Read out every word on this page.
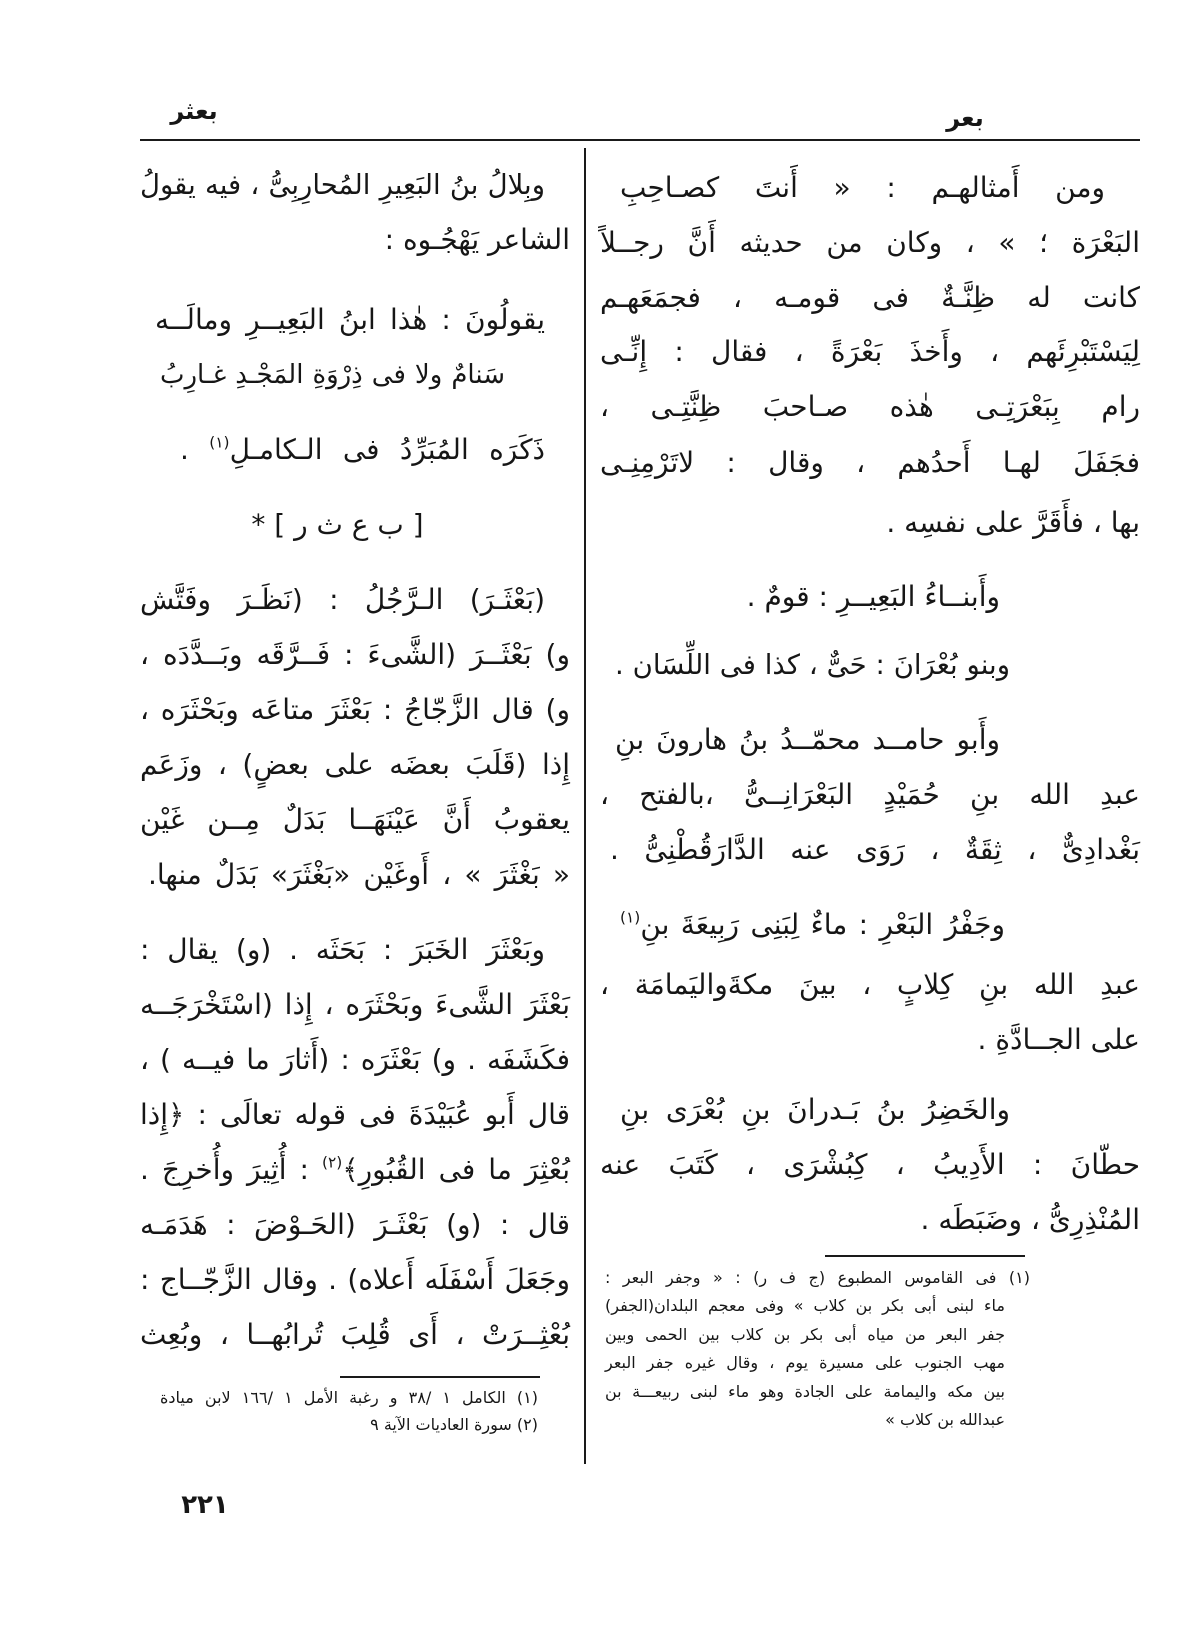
بعثر	بعر
ومن أَمثالهـم : « أَنتَ كصـاحِبِ
البَعْرَة ؛ » ، وكان من حديثه أَنَّ رجــلاً
كانت له ظِنَّـةٌ فى قومـه ، فجمَعَهـم
لِيَسْتَبْرِئَهم ، وأَخذَ بَعْرَةً ، فقال : إِنِّـى
رام بِبَعْرَتِـى هٰذه صـاحبَ ظِنَّتِـى ،
فجَفَلَ لهـا أَحدُهم ، وقال : لاتَرْمِنِـى
بها ، فأَقَرَّ على نفسِه .
وأَبنــاءُ البَعِيــرِ : قومٌ .
وبنو بُعْرَانَ : حَىٌّ ، كذا فى اللِّسَان .
وأَبو حامــد محمّــدُ بنُ هارونَ بنِ
عبدِ الله بنِ حُمَيْدٍ البَعْرَانِــىُّ ،بالفتح ،
بَغْدادِىٌّ ، ثِقَةٌ ، رَوَى عنه الدَّارَقُطْنِىُّ .
وجَفْرُ البَعْرِ : ماءٌ لِبَنِى رَبِيعَةَ بنِ$^{(١)}$
عبدِ الله بنِ كِلابٍ ، بينَ مكةَواليَمامَة ،
على الجــادَّةِ .
والخَضِرُ بنُ بَـدرانَ بنِ بُعْرَى بنِ
حطّانَ : الأَدِيبُ ، كِبُشْرَى ، كَتَبَ عنه
المُنْذِرِىُّ ، وضَبَطَه .
(١) فى القاموس المطبوع (ج ف ر) : « وجفر البعر :
ماء لبنى أبى بكر بن كلاب » وفى معجم البلدان(الجفر)
جفر البعر من مياه أبى بكر بن كلاب بين الحمى وبين
مهب الجنوب على مسيرة يوم ، وقال غيره جفر البعر
بين مكه واليمامة على الجادة وهو ماء لبنى ربيعـــة بن
عبدالله بن كلاب »
وبِلالُ بنُ البَعِيرِ المُحارِبِىُّ ، فيه يقولُ
الشاعر يَهْجُـوه :
يقولُونَ : هٰذا ابنُ البَعِيــرِ ومالَــه
سَنامٌ ولا فى ذِرْوَةِ المَجْـدِ غـارِبُ
ذَكَرَه المُبَرِّدُ فى الـكامـلِ$^{(١)}$ .
[ ب ع ث ر ] *
(بَعْثَـرَ) الـرَّجُلُ : (نَظَـرَ وفَتَّش
و) بَعْثَــرَ (الشَّىءَ : فَــرَّقَه وبَــدَّدَه ،
و) قال الزَّجّاجُ : بَعْثَرَ متاعَه وبَحْثَرَه ،
إِذا (قَلَبَ بعضَه على بعضٍ) ، وزَعَم
يعقوبُ أَنَّ عَيْنَهَــا بَدَلٌ مِــن غَيْن
« بَغْثَرَ » ، أَوغَيْن «بَغْثَرَ» بَدَلٌ منها.
وبَعْثَرَ الخَبَرَ : بَحَثَه . (و) يقال :
بَعْثَرَ الشَّىءَ وبَحْثَرَه ، إِذا (اسْتَخْرَجَــه
فكَشَفَه . و) بَعْثَرَه : (أَثارَ ما فيــه ) ،
قال أَبو عُبَيْدَةَ فى قوله تعالَى : ﴿إِذا
بُعْثِرَ ما فى القُبُورِ﴾$^{(٢)}$ : أُثِيرَ وأُخرِجَ .
قال : (و) بَعْثَـرَ (الحَـوْضَ : هَدَمَـه
وجَعَلَ أَسْفَلَه أَعلاه) . وقال الزَّجّــاج :
بُعْثِــرَتْ ، أَى قُلِبَ تُرابُهــا ، وبُعِث
(١) الكامل ١ /٣٨ و رغبة الأمل ١ /١٦٦ لابن ميادة
(٢) سورة العاديات الآية ٩
٢٢١
